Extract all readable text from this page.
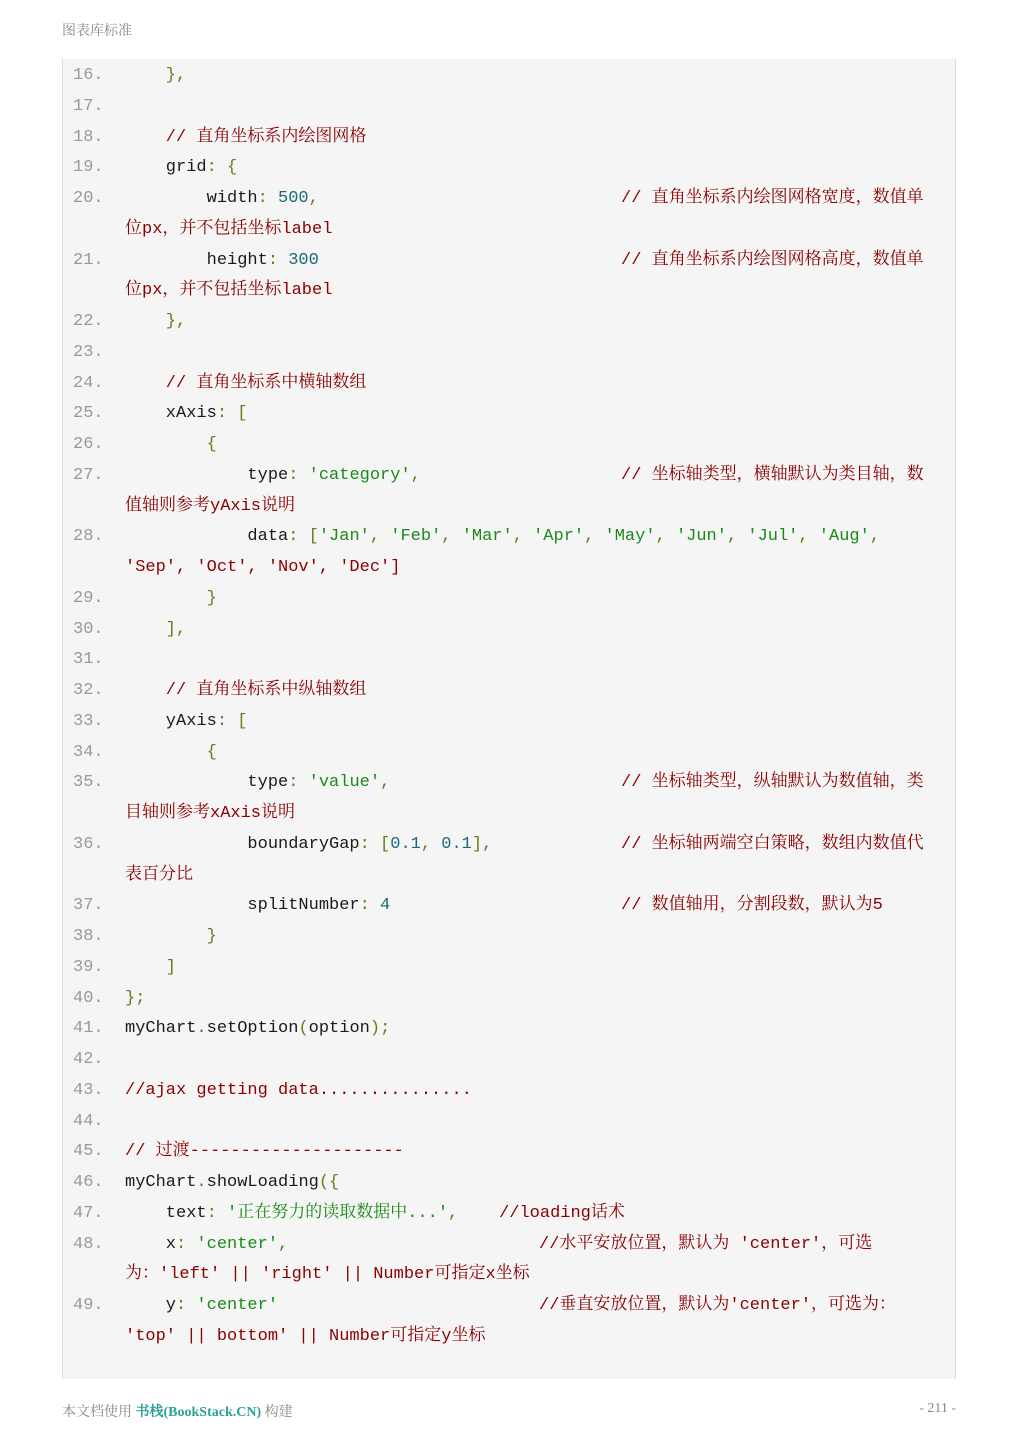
图表库标准
16.	},
17.
18.	// 直角坐标系内绘图网格
19.	grid: {
20.	width: 500,	// 直角坐标系内绘图网格宽度，数值单
位px，并不包括坐标label
21.	height: 300	// 直角坐标系内绘图网格高度，数值单
位px，并不包括坐标label
22.	},
23.
24.	// 直角坐标系中横轴数组
25.	xAxis: [
26.	{
27.	type: 'category',	// 坐标轴类型，横轴默认为类目轴，数
值轴则参考yAxis说明
28.	data: ['Jan', 'Feb', 'Mar', 'Apr', 'May', 'Jun', 'Jul', 'Aug',
'Sep', 'Oct', 'Nov', 'Dec']
29.	}
30.	],
31.
32.	// 直角坐标系中纵轴数组
33.	yAxis: [
34.	{
35.	type: 'value',	// 坐标轴类型，纵轴默认为数值轴，类
目轴则参考xAxis说明
36.	boundaryGap: [0.1, 0.1],	// 坐标轴两端空白策略，数组内数值代
表百分比
37.	splitNumber: 4	// 数值轴用，分割段数，默认为5
38.	}
39.	]
40.	};
41.	myChart.setOption(option);
42.
43.	//ajax getting data...............
44.
45.	// 过渡---------------------
46.	myChart.showLoading({
47.	text: '正在努力的读取数据中...', //loading话术
48.	x: 'center',	//水平安放位置，默认为 'center'，可选
为：'left' || 'right' || Number可指定x坐标
49.	y: 'center'	//垂直安放位置，默认为'center'，可选为：
'top' || bottom' || Number可指定y坐标
本文档使用 书栈(BookStack.CN) 构建	- 211 -
